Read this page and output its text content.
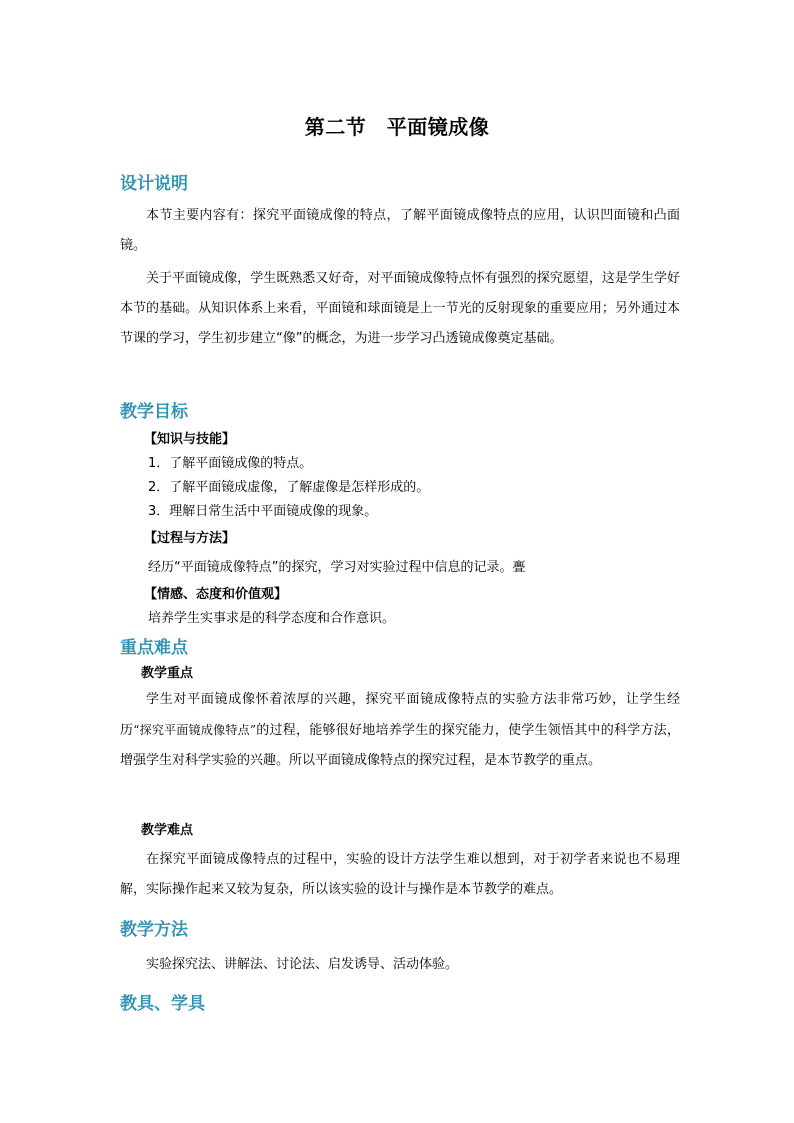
第二节　平面镜成像
设计说明
本节主要内容有：探究平面镜成像的特点，了解平面镜成像特点的应用，认识凹面镜和凸面镜。
关于平面镜成像，学生既熟悉又好奇，对平面镜成像特点怀有强烈的探究愿望，这是学生学好本节的基础。从知识体系上来看，平面镜和球面镜是上一节光的反射现象的重要应用；另外通过本节课的学习，学生初步建立“像”的概念，为进一步学习凸透镜成像奠定基础。
教学目标
【知识与技能】
1．了解平面镜成像的特点。
2．了解平面镜成虚像，了解虚像是怎样形成的。
3．理解日常生活中平面镜成像的现象。
【过程与方法】
经历“平面镜成像特点”的探究，学习对实验过程中信息的记录。亹
【情感、态度和价值观】
培养学生实事求是的科学态度和合作意识。
重点难点
教学重点
学生对平面镜成像怀着浓厚的兴趣，探究平面镜成像特点的实验方法非常巧妙，让学生经历“探究平面镜成像特点”的过程，能够很好地培养学生的探究能力，使学生领悟其中的科学方法，增强学生对科学实验的兴趣。所以平面镜成像特点的探究过程，是本节教学的重点。
教学难点
在探究平面镜成像特点的过程中，实验的设计方法学生难以想到，对于初学者来说也不易理解，实际操作起来又较为复杂，所以该实验的设计与操作是本节教学的难点。
教学方法
实验探究法、讲解法、讨论法、启发诱导、活动体验。
教具、学具
